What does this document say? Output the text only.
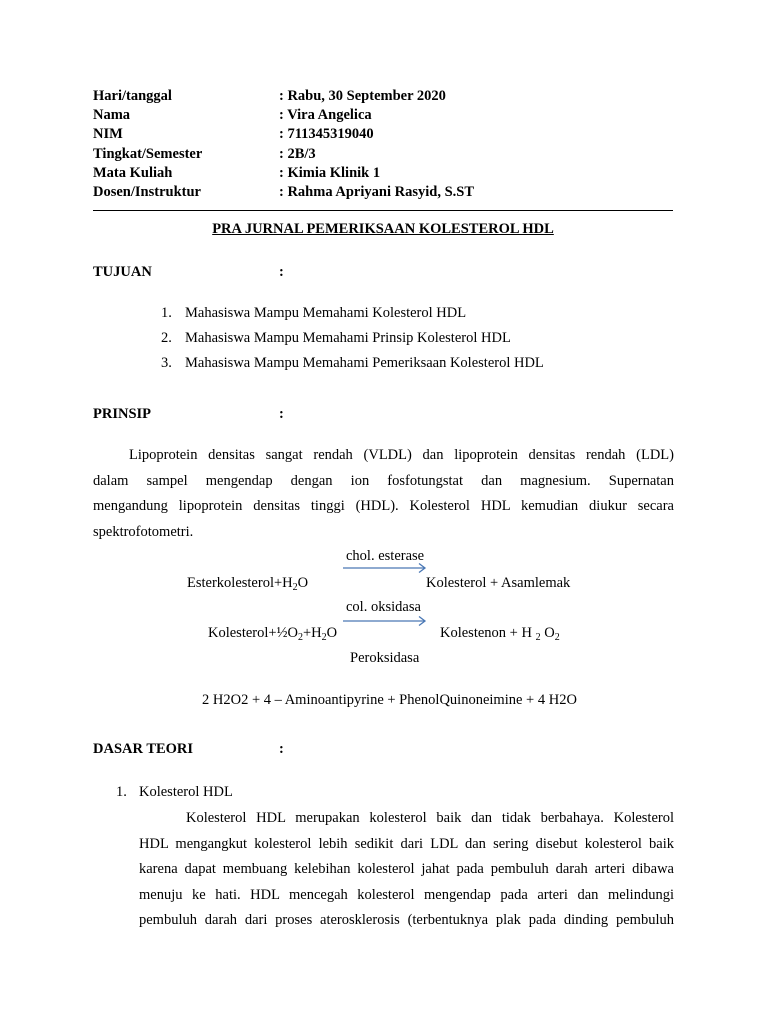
Hari/tanggal	: Rabu, 30 September 2020
Nama	: Vira Angelica
NIM	: 711345319040
Tingkat/Semester	: 2B/3
Mata Kuliah	: Kimia Klinik 1
Dosen/Instruktur	: Rahma Apriyani Rasyid, S.ST
PRA JURNAL PEMERIKSAAN KOLESTEROL HDL
TUJUAN	:
1. Mahasiswa Mampu Memahami Kolesterol HDL
2. Mahasiswa Mampu Memahami Prinsip Kolesterol HDL
3. Mahasiswa Mampu Memahami Pemeriksaan Kolesterol HDL
PRINSIP	:
Lipoprotein densitas sangat rendah (VLDL) dan lipoprotein densitas rendah (LDL)
dalam sampel mengendap dengan ion fosfotungstat dan magnesium. Supernatan
mengandung lipoprotein densitas tinggi (HDL). Kolesterol HDL kemudian diukur secara
spektrofotometri.
chol. esterase
$Esterkolesterol+H_2O$	Kolesterol + Asamlemak
col. oksidasa
$Kolesterol+\frac{1}{2}O_2+H_2O$	Kolestenon + H $_2$ $O_2$
Peroksidasa
2 H2O2 + 4 – Aminoantipyrine + PhenolQuinoneimine + 4 H2O
DASAR TEORI	:
1. Kolesterol HDL
Kolesterol HDL merupakan kolesterol baik dan tidak berbahaya. Kolesterol
HDL mengangkut kolesterol lebih sedikit dari LDL dan sering disebut kolesterol baik
karena dapat membuang kelebihan kolesterol jahat pada pembuluh darah arteri dibawa
menuju ke hati. HDL mencegah kolesterol mengendap pada arteri dan melindungi
pembuluh darah dari proses aterosklerosis (terbentuknya plak pada dinding pembuluh
